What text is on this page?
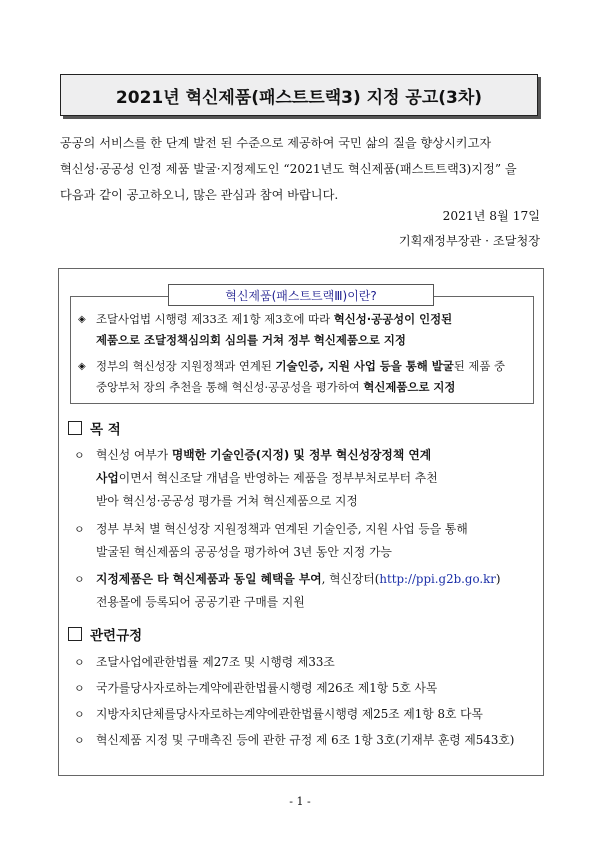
2021년 혁신제품(패스트트랙3) 지정 공고(3차)
공공의 서비스를 한 단계 발전 된 수준으로 제공하여 국민 삶의 질을 향상시키고자
혁신성·공공성 인정 제품 발굴·지정제도인 “2021년도 혁신제품(패스트트랙3)지정” 을
다음과 같이 공고하오니, 많은 관심과 참여 바랍니다.
2021년 8월 17일
기획재정부장관 · 조달청장
혁신제품(패스트트랙Ⅲ)이란?
◈ 조달사업법 시행령 제33조 제1항 제3호에 따라 혁신성·공공성이 인정된
제품으로 조달정책심의회 심의를 거쳐 정부 혁신제품으로 지정
◈ 정부의 혁신성장 지원정책과 연계된 기술인증, 지원 사업 등을 통해 발굴된 제품 중
중앙부처 장의 추천을 통해 혁신성·공공성을 평가하여 혁신제품으로 지정
목 적
ㅇ 혁신성 여부가 명백한 기술인증(지정) 및 정부 혁신성장정책 연계
사업이면서 혁신조달 개념을 반영하는 제품을 정부부처로부터 추천
받아 혁신성·공공성 평가를 거쳐 혁신제품으로 지정
ㅇ 정부 부처 별 혁신성장 지원정책과 연계된 기술인증, 지원 사업 등을 통해
발굴된 혁신제품의 공공성을 평가하여 3년 동안 지정 가능
ㅇ 지정제품은 타 혁신제품과 동일 혜택을 부여, 혁신장터(http://ppi.g2b.go.kr)
전용몰에 등록되어 공공기관 구매를 지원
관련규정
ㅇ 조달사업에관한법률 제27조 및 시행령 제33조
ㅇ 국가를당사자로하는계약에관한법률시행령 제26조 제1항 5호 사목
ㅇ 지방자치단체를당사자로하는계약에관한법률시행령 제25조 제1항 8호 다목
ㅇ 혁신제품 지정 및 구매촉진 등에 관한 규정 제 6조 1항 3호(기재부 훈령 제543호)
- 1 -
